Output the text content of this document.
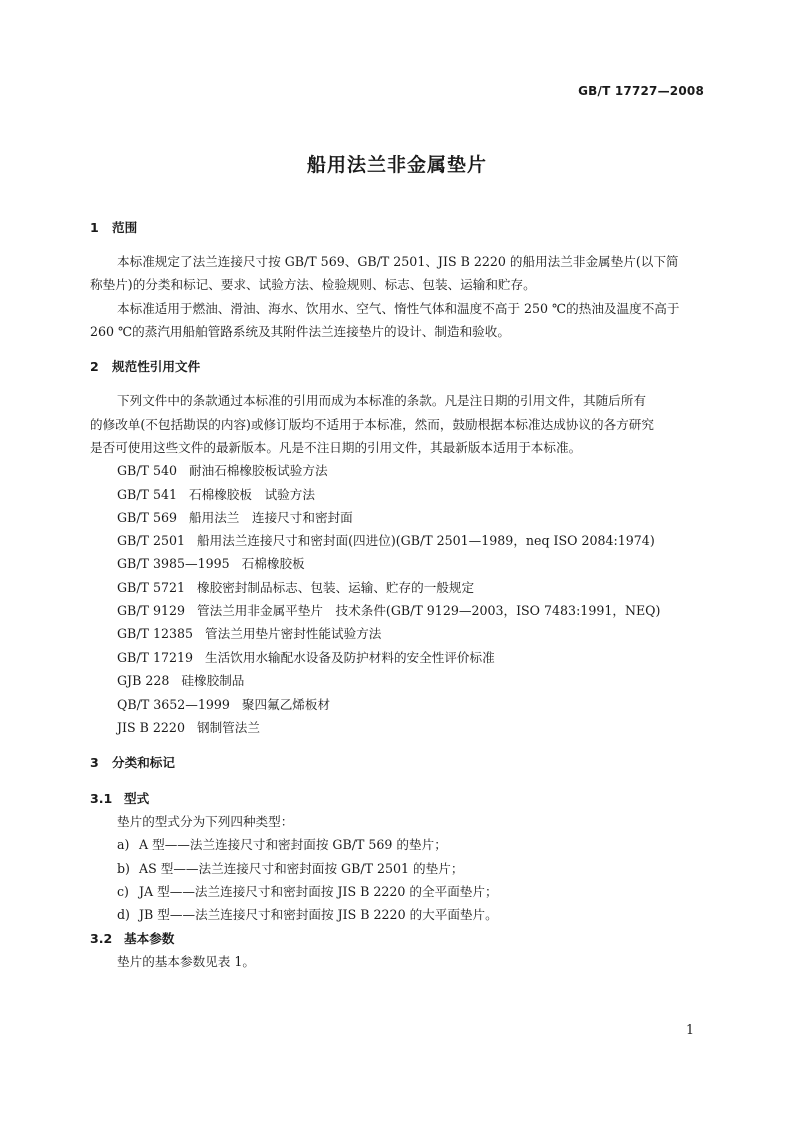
GB/T 17727—2008
船用法兰非金属垫片
1 范围
本标准规定了法兰连接尺寸按 GB/T 569、GB/T 2501、JIS B 2220 的船用法兰非金属垫片(以下简
称垫片)的分类和标记、要求、试验方法、检验规则、标志、包装、运输和贮存。
本标准适用于燃油、滑油、海水、饮用水、空气、惰性气体和温度不高于 250 ℃的热油及温度不高于
260 ℃的蒸汽用船舶管路系统及其附件法兰连接垫片的设计、制造和验收。
2 规范性引用文件
下列文件中的条款通过本标准的引用而成为本标准的条款。凡是注日期的引用文件，其随后所有
的修改单(不包括勘误的内容)或修订版均不适用于本标准，然而，鼓励根据本标准达成协议的各方研究
是否可使用这些文件的最新版本。凡是不注日期的引用文件，其最新版本适用于本标准。
GB/T 540 耐油石棉橡胶板试验方法
GB/T 541 石棉橡胶板　试验方法
GB/T 569 船用法兰　连接尺寸和密封面
GB/T 2501 船用法兰连接尺寸和密封面(四进位)(GB/T 2501—1989，neq ISO 2084:1974)
GB/T 3985—1995 石棉橡胶板
GB/T 5721 橡胶密封制品标志、包装、运输、贮存的一般规定
GB/T 9129 管法兰用非金属平垫片　技术条件(GB/T 9129—2003，ISO 7483:1991，NEQ)
GB/T 12385 管法兰用垫片密封性能试验方法
GB/T 17219 生活饮用水输配水设备及防护材料的安全性评价标准
GJB 228 硅橡胶制品
QB/T 3652—1999 聚四氟乙烯板材
JIS B 2220 钢制管法兰
3 分类和标记
3.1 型式
垫片的型式分为下列四种类型：
a) A 型——法兰连接尺寸和密封面按 GB/T 569 的垫片；
b) AS 型——法兰连接尺寸和密封面按 GB/T 2501 的垫片；
c) JA 型——法兰连接尺寸和密封面按 JIS B 2220 的全平面垫片；
d) JB 型——法兰连接尺寸和密封面按 JIS B 2220 的大平面垫片。
3.2 基本参数
垫片的基本参数见表 1。
1
